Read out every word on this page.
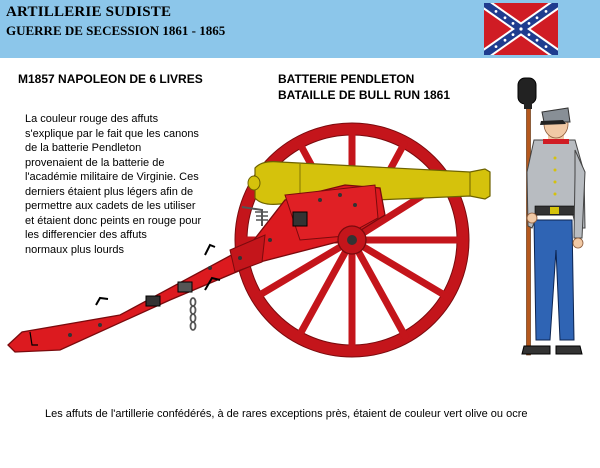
ARTILLERIE SUDISTE
GUERRE DE SECESSION 1861 - 1865
M1857 NAPOLEON DE 6 LIVRES	BATTERIE PENDLETON
BATAILLE DE BULL RUN 1861
La couleur rouge des affuts
s'explique par le fait que les canons
de la batterie Pendleton
provenaient de la batterie de
l'académie militaire de Virginie. Ces
derniers étaient plus légers afin de
permettre aux cadets de les utiliser
et étaient donc peints en rouge pour
les differencier des affuts
normaux plus lourds
Les affuts de l'artillerie confédérés, à de rares exceptions près, étaient de couleur vert olive ou ocre
